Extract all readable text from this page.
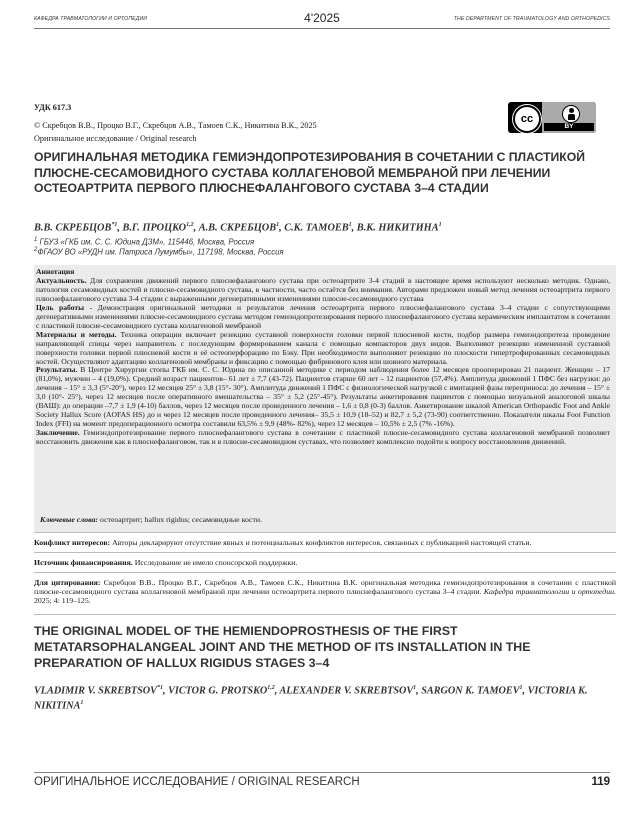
КАФЕДРА ТРАВМАТОЛОГИИ И ОРТОПЕДИИ	4'2025	THE DEPARTMENT OF TRAUMATOLOGY AND ORTHOPEDICS
УДК 617.3
© Скребцов В.В., Процко В.Г., Скребцов А.В., Тамоев С.К., Никитина В.К., 2025
Оригинальное исследование / Original research
cc
BY
ОРИГИНАЛЬНАЯ МЕТОДИКА ГЕМИЭНДОПРОТЕЗИРОВАНИЯ В СОЧЕТАНИИ С ПЛАСТИКОЙ ПЛЮСНЕ-СЕСАМОВИДНОГО СУСТАВА КОЛЛАГЕНОВОЙ МЕМБРАНОЙ ПРИ ЛЕЧЕНИИ ОСТЕОАРТРИТА ПЕРВОГО ПЛЮСНЕФАЛАНГОВОГО СУСТАВА 3–4 СТАДИИ
В.В. СКРЕБЦОВ$^{*1}$, В.Г. ПРОЦКО$^{1,2}$, А.В. СКРЕБЦОВ$^1$, С.К. ТАМОЕВ$^1$, В.К. НИКИТИНА$^1$
$^1$ ГБУЗ «ГКБ им. С. С. Юдина ДЗМ», 115446, Москва, Россия
$^2$ФГАОУ ВО «РУДН им. Патриса Лумумбы», 117198, Москва, Россия

Аннотация

Актуальность. Для сохранения движений первого плюснефалангового сустава при остеоартрите 3-4 стадий в настоящее время используют несколько методик. Однако, патология сесамовидных костей и плюсне-сесамовидного сустава, в частности, часто остаётся без внимания. Авторами предложен новый метод лечения остеоартрита первого плюснефалангового сустава 3-4 стадии с выраженными дегенеративными изменениями плюсне-сесамовидного сустава

Цель работы - Демонстрация оригинальной методики и результатов лечения остеоартрита первого плюснефалангового сустава 3–4 стадии с сопутствующими дегенеративными изменениями плюсне-сесамовидного сустава методом гемиэндопротезирования первого плюснефалангового сустава керамическим имплантатом в сочетании с пластикой плюсне-сесамовидного сустава коллагеновой мембраной

Материалы и методы. Техника операции включает резекцию суставной поверхности головки первой плюсневой кости, подбор размера гемиэндопротеза проведение направляющей спицы через направитель с последующим формированием канала с помощью компакторов двух видов. Выполняют резекцию измененной суставной поверхности головки первой плюсневой кости и её остеоперфорацию по Бэку. При необходимости выполняют резекцию по плоскости гипертрофированных сесамовидных костей. Осуществляют адаптацию коллагеновой мембраны и фиксацию с помощью фибринового клея или шовного материала.

Результаты. В Центре Хирургии стопы ГКБ им. С. С. Юдина по описанной методике с периодом наблюдения более 12 месяцев прооперирован 21 пациент. Женщин – 17 (81,0%), мужчин – 4 (19,0%). Средний возраст пациентов– 61 лет ± 7,7 (43-72). Пациентов старше 60 лет – 12 пациентов (57,4%). Амплитуда движений 1 ПФС без нагрузки: до лечения – 15° ± 3,3 (5°-20°), через 12 месяцев 25° ± 3,8 (15°- 30°). Амплитуда движений 1 ПФС с физиологической нагрузкой с имитацией фазы переприноса: до лечения – 15° ± 3,0 (10°- 25°), через 12 месяцев после оперативного вмешательства – 35° ± 5,2 (25°-45°). Результаты анкетирования пациентов с помощью визуальной аналоговой шкалы (ВАШ): до операции –7,7 ± 1,9 (4-10) баллов, через 12 месяцев после проведенного лечения – 1,6 ± 0,8 (0-3) баллов. Анкетирование шкалой American Orthopaedic Foot and Ankle Society Hallux Score (AOFAS HS) до и через 12 месяцев после проведенного лечения– 35,5 ± 10,9 (18–52) и 82,7 ± 5,2 (73-90) соответственно. Показатели шкалы Foot Function Index (FFI) на момент предоперационного осмотра составили 63,5% ± 9,9 (48%- 82%), через 12 месяцев – 10,5% ± 2,5 (7% -16%).

Заключение. Гемиэндопротезирование первого плюснефалангового сустава в сочетании с пластикой плюсне-сесамовидного сустава коллагеновой мембраной позволяет восстановить движения как в плюснефаланговом, так и в плюсне-сесамовидном суставах, что позволяет комплексно подойти к вопросу восстановления движений.

Ключевые слова: остеоартрит; hallux rigidus; сесамовидные кости.
Конфликт интересов: Авторы декларируют отсутствие явных и потенциальных конфликтов интересов, связанных с публикацией настоящей статьи.
Источник финансирования. Исследование не имело спонсорской поддержки.
Для цитирования: Скребцов В.В., Процко В.Г., Скребцов А.В., Тамоев С.К., Никитина В.К. оригинальная методика гемиэндопротезирования в сочетании с пластикой плюсне-сесамовидного сустава коллагеновой мембраной при лечении остеоартрита первого плюснефалангового сустава 3–4 стадии. Кафедра травматологии и ортопедии. 2025; 4: 119–125.
THE ORIGINAL MODEL OF THE HEMIENDOPROSTHESIS OF THE FIRST METATARSOPHALANGEAL JOINT AND THE METHOD OF ITS INSTALLATION IN THE PREPARATION OF HALLUX RIGIDUS STAGES 3–4
VLADIMIR V. SKREBTSOV$^{*1}$, VICTOR G. PROTSKO$^{1,2}$, ALEXANDER V. SKREBTSOV$^1$, SARGON K. TAMOEV$^1$, VICTORIA K. NIKITINA$^1$
ОРИГИНАЛЬНОЕ ИССЛЕДОВАНИЕ / ORIGINAL RESEARCH	119
